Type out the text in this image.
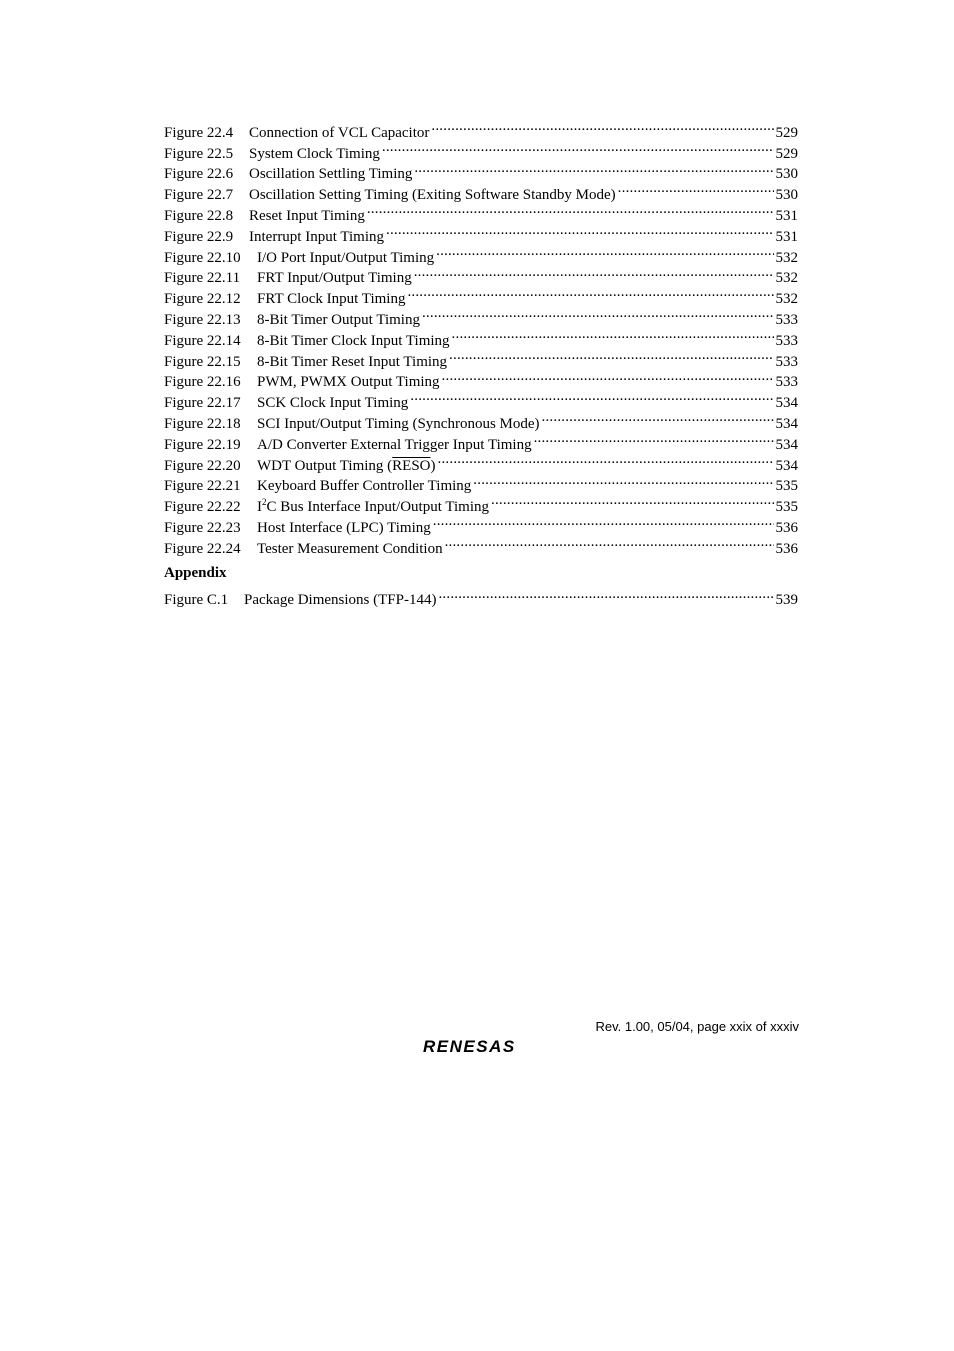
Figure 22.4	Connection of VCL Capacitor .....	529
Figure 22.5	System Clock Timing .....	529
Figure 22.6	Oscillation Settling Timing .....	530
Figure 22.7	Oscillation Setting Timing (Exiting Software Standby Mode) .....	530
Figure 22.8	Reset Input Timing .....	531
Figure 22.9	Interrupt Input Timing .....	531
Figure 22.10	I/O Port Input/Output Timing .....	532
Figure 22.11	FRT Input/Output Timing .....	532
Figure 22.12	FRT Clock Input Timing .....	532
Figure 22.13	8-Bit Timer Output Timing .....	533
Figure 22.14	8-Bit Timer Clock Input Timing .....	533
Figure 22.15	8-Bit Timer Reset Input Timing .....	533
Figure 22.16	PWM, PWMX Output Timing .....	533
Figure 22.17	SCK Clock Input Timing .....	534
Figure 22.18	SCI Input/Output Timing (Synchronous Mode) .....	534
Figure 22.19	A/D Converter External Trigger Input Timing .....	534
Figure 22.20	WDT Output Timing (RESO) .....	534
Figure 22.21	Keyboard Buffer Controller Timing .....	535
Figure 22.22	$I^2C$ Bus Interface Input/Output Timing .....	535
Figure 22.23	Host Interface (LPC) Timing .....	536
Figure 22.24	Tester Measurement Condition .....	536
Appendix
Figure C.1	Package Dimensions (TFP-144) .....	539
Rev. 1.00, 05/04, page xxix of xxxiv
RENESAS
